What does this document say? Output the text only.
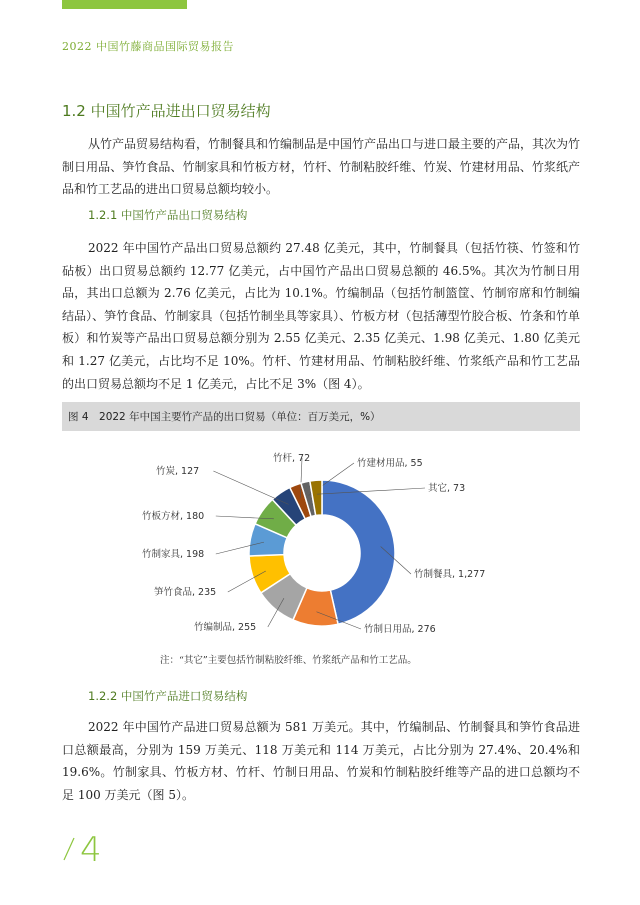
2022 中国竹藤商品国际贸易报告
1.2 中国竹产品进出口贸易结构
从竹产品贸易结构看，竹制餐具和竹编制品是中国竹产品出口与进口最主要的产品，其次为竹制日用品、笋竹食品、竹制家具和竹板方材，竹杆、竹制粘胶纤维、竹炭、竹建材用品、竹浆纸产品和竹工艺品的进出口贸易总额均较小。
1.2.1 中国竹产品出口贸易结构
2022 年中国竹产品出口贸易总额约 27.48 亿美元，其中，竹制餐具（包括竹筷、竹签和竹砧板）出口贸易总额约 12.77 亿美元，占中国竹产品出口贸易总额的 46.5%。其次为竹制日用品，其出口总额为 2.76 亿美元，占比为 10.1%。竹编制品（包括竹制篮筐、竹制帘席和竹制编结品）、笋竹食品、竹制家具（包括竹制坐具等家具）、竹板方材（包括薄型竹胶合板、竹条和竹单板）和竹炭等产品出口贸易总额分别为 2.55 亿美元、2.35 亿美元、1.98 亿美元、1.80 亿美元和 1.27 亿美元，占比均不足 10%。竹杆、竹建材用品、竹制粘胶纤维、竹浆纸产品和竹工艺品的出口贸易总额均不足 1 亿美元，占比不足 3%（图 4）。
图 4　2022 年中国主要竹产品的出口贸易（单位：百万美元，%）
竹制餐具, 1,277
竹制日用品, 276
竹编制品, 255
笋竹食品, 235
竹制家具, 198
竹板方材, 180
竹炭, 127
竹杆, 72	竹建材用品, 55
其它, 73
注：“其它”主要包括竹制粘胶纤维、竹浆纸产品和竹工艺品。
1.2.2 中国竹产品进口贸易结构
2022 年中国竹产品进口贸易总额为 581 万美元。其中，竹编制品、竹制餐具和笋竹食品进口总额最高，分别为 159 万美元、118 万美元和 114 万美元，占比分别为 27.4%、20.4%和 19.6%。竹制家具、竹板方材、竹杆、竹制日用品、竹炭和竹制粘胶纤维等产品的进口总额均不足 100 万美元（图 5）。
4
